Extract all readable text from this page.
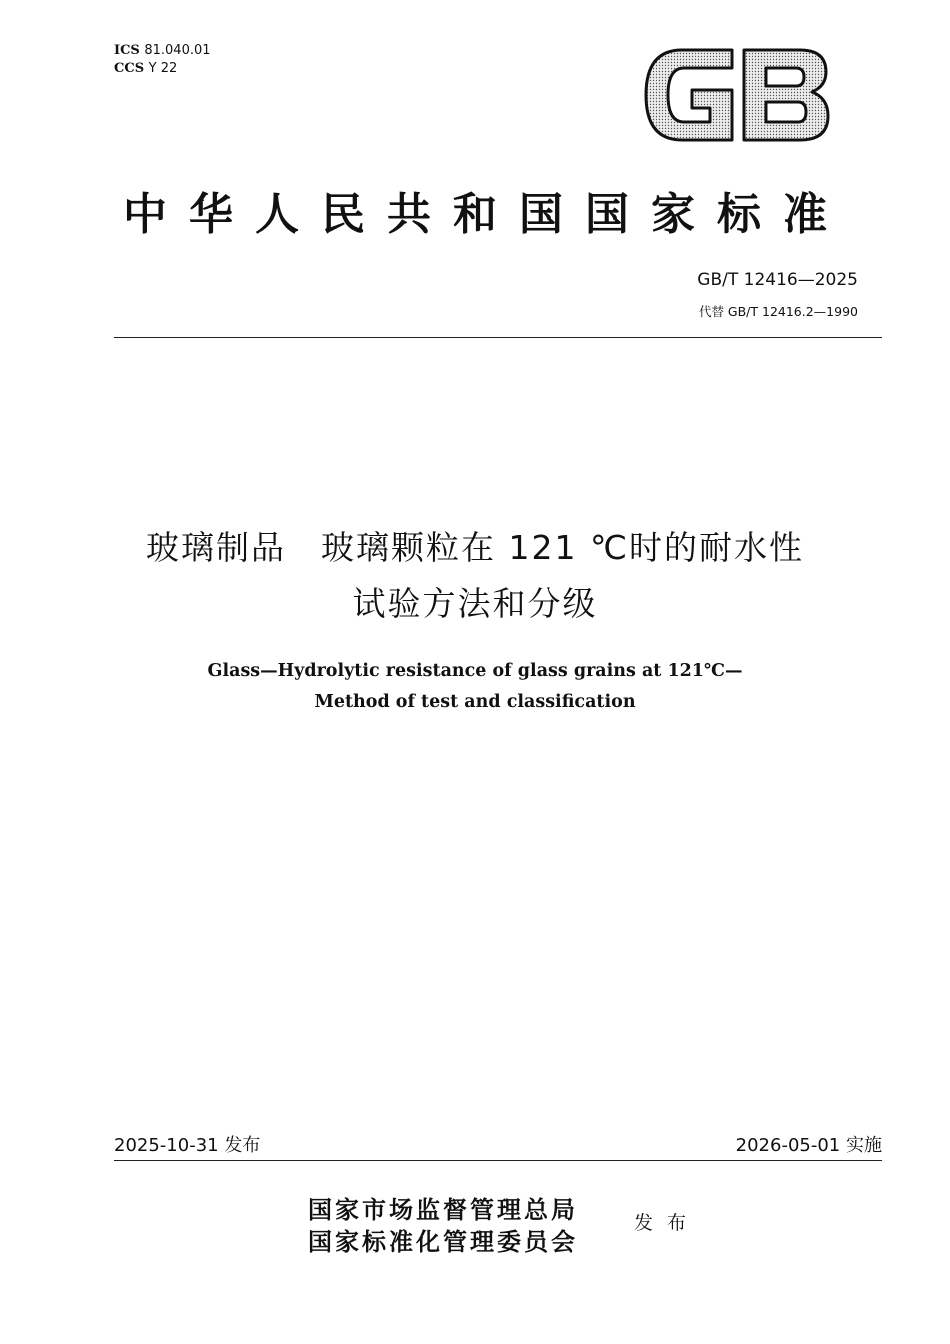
ICS 81.040.01
CCS Y 22
中华人民共和国国家标准
GB/T 12416—2025
代替 GB/T 12416.2—1990
玻璃制品　玻璃颗粒在 121 ℃时的耐水性
试验方法和分级
Glass—Hydrolytic resistance of glass grains at 121℃—
Method of test and classification
2025-10-31 发布	2026-05-01 实施
国家市场监督管理总局
国家标准化管理委员会
发布
